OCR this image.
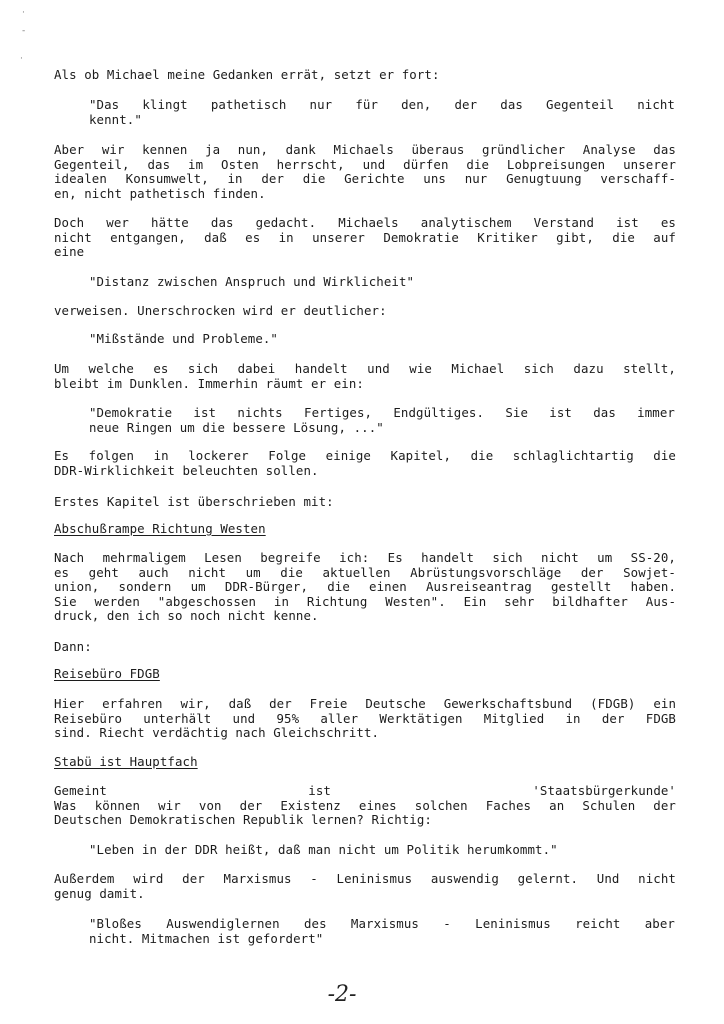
·
-
·
Als ob Michael meine Gedanken errät, setzt er fort:
"Das klingt pathetisch nur für den, der das Gegenteil nicht
kennt."
Aber wir kennen ja nun, dank Michaels überaus gründlicher Analyse das
Gegenteil, das im Osten herrscht, und dürfen die Lobpreisungen unserer
idealen Konsumwelt, in der die Gerichte uns nur Genugtuung verschaff-
en, nicht pathetisch finden.
Doch wer hätte das gedacht. Michaels analytischem Verstand ist es
nicht entgangen, daß es in unserer Demokratie Kritiker gibt, die auf
eine
"Distanz zwischen Anspruch und Wirklicheit"
verweisen. Unerschrocken wird er deutlicher:
"Mißstände und Probleme."
Um welche es sich dabei handelt und wie Michael sich dazu stellt,
bleibt im Dunklen. Immerhin räumt er ein:
"Demokratie ist nichts Fertiges, Endgültiges. Sie ist das immer
neue Ringen um die bessere Lösung, ..."
Es folgen in lockerer Folge einige Kapitel, die schlaglichtartig die
DDR-Wirklichkeit beleuchten sollen.
Erstes Kapitel ist überschrieben mit:
Abschußrampe Richtung Westen
Nach mehrmaligem Lesen begreife ich: Es handelt sich nicht um SS-20,
es geht auch nicht um die aktuellen Abrüstungsvorschläge der Sowjet-
union, sondern um DDR-Bürger, die einen Ausreiseantrag gestellt haben.
Sie werden "abgeschossen in Richtung Westen". Ein sehr bildhafter Aus-
druck, den ich so noch nicht kenne.
Dann:
Reisebüro FDGB
Hier erfahren wir, daß der Freie Deutsche Gewerkschaftsbund (FDGB) ein
Reisebüro unterhält und 95% aller Werktätigen Mitglied in der FDGB
sind. Riecht verdächtig nach Gleichschritt.
Stabü ist Hauptfach
Gemeint ist 'Staatsbürgerkunde'
Was können wir von der Existenz eines solchen Faches an Schulen der
Deutschen Demokratischen Republik lernen? Richtig:
"Leben in der DDR heißt, daß man nicht um Politik herumkommt."
Außerdem wird der Marxismus - Leninismus auswendig gelernt. Und nicht
genug damit.
"Bloßes Auswendiglernen des Marxismus - Leninismus reicht aber
nicht. Mitmachen ist gefordert"
-2-
